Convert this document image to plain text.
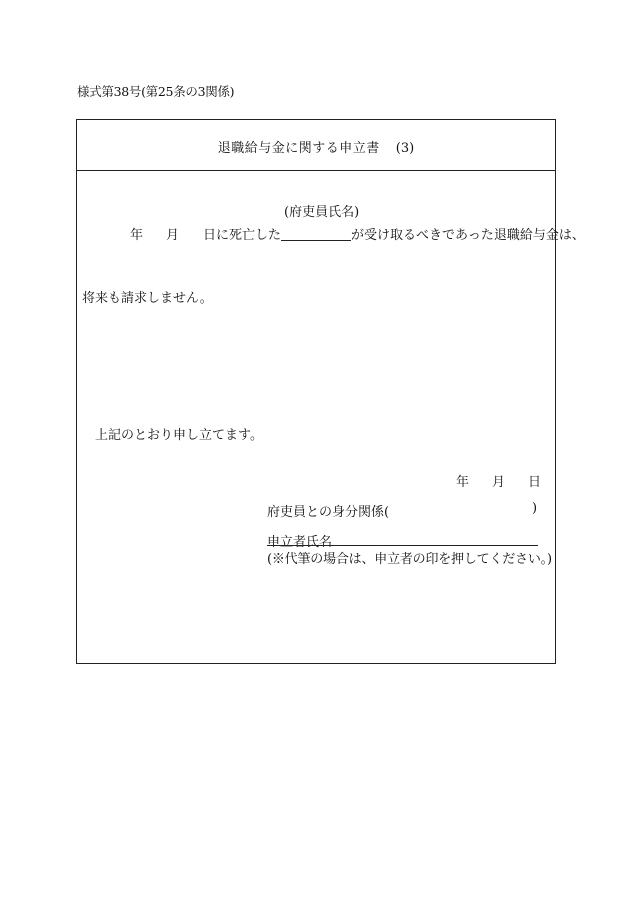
様式第38号(第25条の3関係)
退職給与金に関する申立書 (3)
(府吏員氏名)
年 月 日に死亡した	が受け取るべきであった退職給与金は、
将来も請求しません。
上記のとおり申し立てます。
年 月 日
府吏員との身分関係(	)
申立者氏名
(※代筆の場合は、申立者の印を押してください。)
